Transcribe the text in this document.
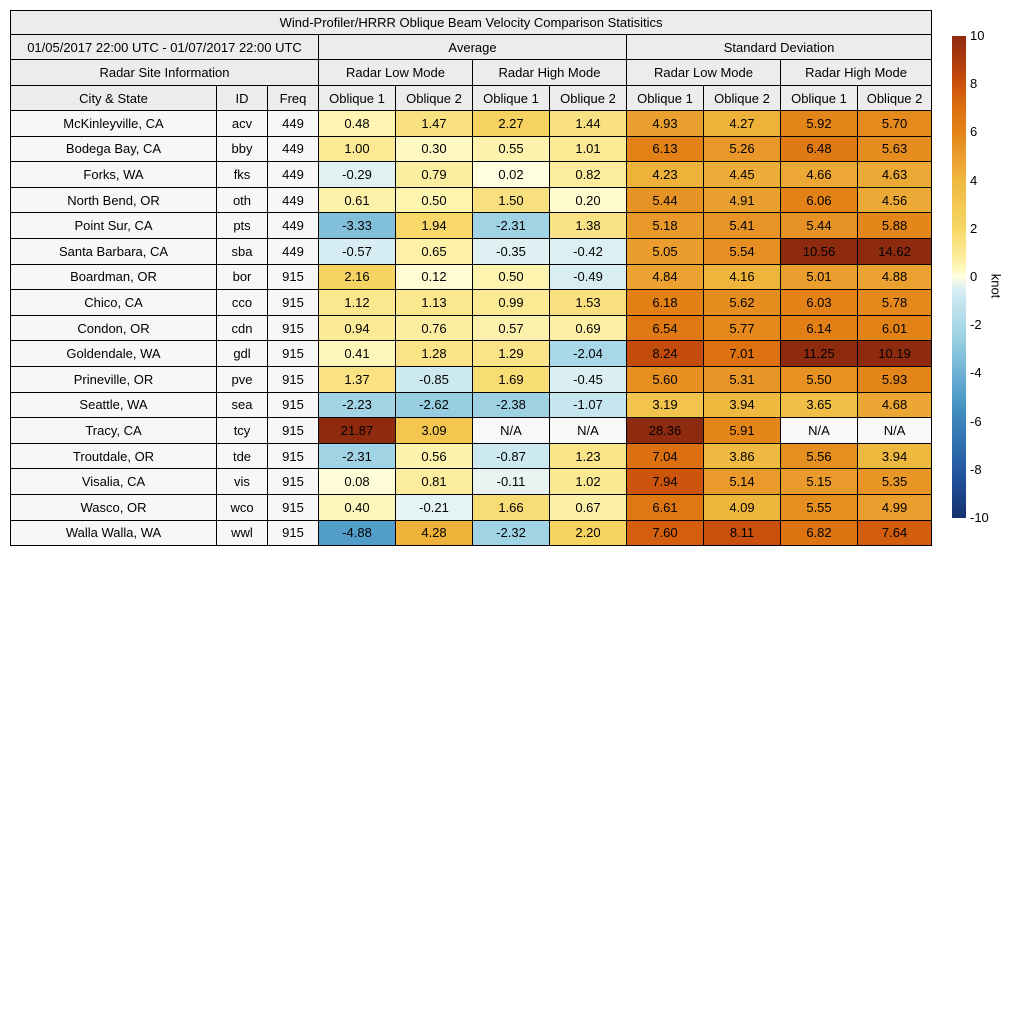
Wind-Profiler/HRRR Oblique Beam Velocity Comparison Statisitics										
01/05/2017 22:00 UTC - 01/07/2017 22:00 UTC			Average				Standard Deviation			
Radar Site Information			Radar Low Mode		Radar High Mode		Radar Low Mode		Radar High Mode	
City & State	ID	Freq	Oblique 1	Oblique 2	Oblique 1	Oblique 2	Oblique 1	Oblique 2	Oblique 1	Oblique 2
McKinleyville, CA	acv	449	0.48	1.47	2.27	1.44	4.93	4.27	5.92	5.70
Bodega Bay, CA	bby	449	1.00	0.30	0.55	1.01	6.13	5.26	6.48	5.63
Forks, WA	fks	449	-0.29	0.79	0.02	0.82	4.23	4.45	4.66	4.63
North Bend, OR	oth	449	0.61	0.50	1.50	0.20	5.44	4.91	6.06	4.56
Point Sur, CA	pts	449	-3.33	1.94	-2.31	1.38	5.18	5.41	5.44	5.88
Santa Barbara, CA	sba	449	-0.57	0.65	-0.35	-0.42	5.05	5.54	10.56	14.62
Boardman, OR	bor	915	2.16	0.12	0.50	-0.49	4.84	4.16	5.01	4.88
Chico, CA	cco	915	1.12	1.13	0.99	1.53	6.18	5.62	6.03	5.78
Condon, OR	cdn	915	0.94	0.76	0.57	0.69	6.54	5.77	6.14	6.01
Goldendale, WA	gdl	915	0.41	1.28	1.29	-2.04	8.24	7.01	11.25	10.19
Prineville, OR	pve	915	1.37	-0.85	1.69	-0.45	5.60	5.31	5.50	5.93
Seattle, WA	sea	915	-2.23	-2.62	-2.38	-1.07	3.19	3.94	3.65	4.68
Tracy, CA	tcy	915	21.87	3.09	N/A	N/A	28.36	5.91	N/A	N/A
Troutdale, OR	tde	915	-2.31	0.56	-0.87	1.23	7.04	3.86	5.56	3.94
Visalia, CA	vis	915	0.08	0.81	-0.11	1.02	7.94	5.14	5.15	5.35
Wasco, OR	wco	915	0.40	-0.21	1.66	0.67	6.61	4.09	5.55	4.99
Walla Walla, WA	wwl	915	-4.88	4.28	-2.32	2.20	7.60	8.11	6.82	7.64
10
8
6
4
2
0
-2
-4
-6
-8
-10
knot
